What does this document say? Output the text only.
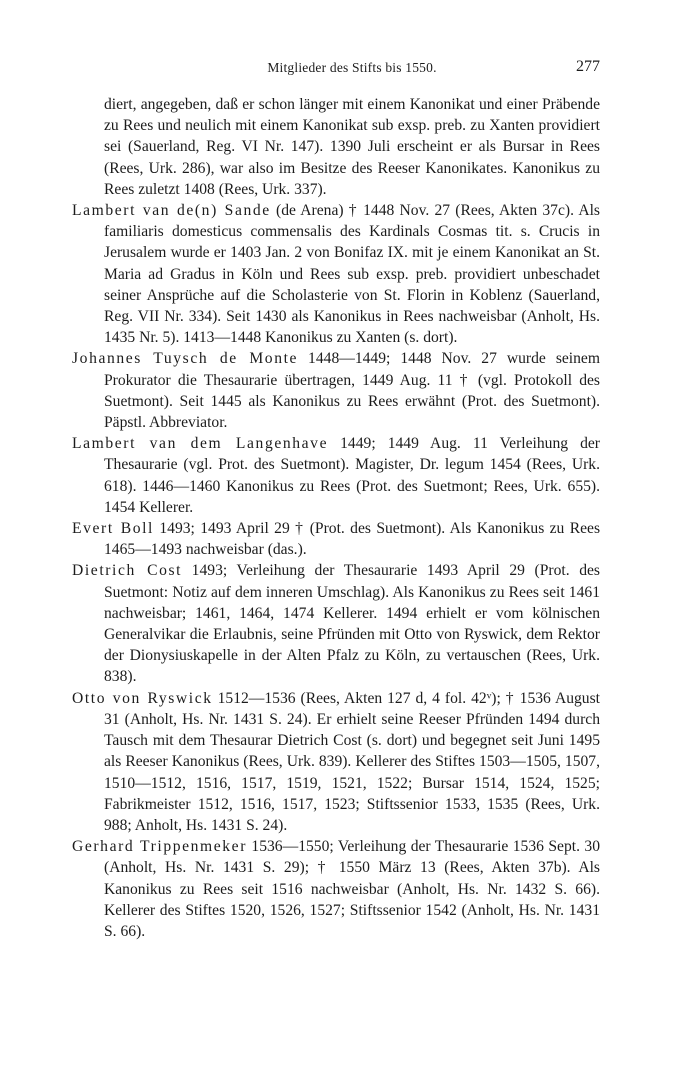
Mitglieder des Stifts bis 1550.	277

diert, angegeben, daß er schon länger mit einem Kanonikat und einer Präbende zu Rees und neulich mit einem Kanonikat sub exsp. preb. zu Xanten providiert sei (Sauerland, Reg. VI Nr. 147). 1390 Juli erscheint er als Bursar in Rees (Rees, Urk. 286), war also im Besitze des Reeser Kanonikates. Kanonikus zu Rees zuletzt 1408 (Rees, Urk. 337).

Lambert van de(n) Sande (de Arena) † 1448 Nov. 27 (Rees, Akten 37c). Als familiaris domesticus commensalis des Kardinals Cosmas tit. s. Crucis in Jerusalem wurde er 1403 Jan. 2 von Bonifaz IX. mit je einem Kanonikat an St. Maria ad Gradus in Köln und Rees sub exsp. preb. providiert unbeschadet seiner Ansprüche auf die Scholasterie von St. Florin in Koblenz (Sauerland, Reg. VII Nr. 334). Seit 1430 als Kanonikus in Rees nachweisbar (Anholt, Hs. 1435 Nr. 5). 1413—1448 Kanonikus zu Xanten (s. dort).

Johannes Tuysch de Monte 1448—1449; 1448 Nov. 27 wurde seinem Prokurator die Thesaurarie übertragen, 1449 Aug. 11 † (vgl. Protokoll des Suetmont). Seit 1445 als Kanonikus zu Rees erwähnt (Prot. des Suetmont). Päpstl. Abbreviator.

Lambert van dem Langenhave 1449; 1449 Aug. 11 Verleihung der Thesaurarie (vgl. Prot. des Suetmont). Magister, Dr. legum 1454 (Rees, Urk. 618). 1446—1460 Kanonikus zu Rees (Prot. des Suetmont; Rees, Urk. 655). 1454 Kellerer.

Evert Boll 1493; 1493 April 29 † (Prot. des Suetmont). Als Kanonikus zu Rees 1465—1493 nachweisbar (das.).

Dietrich Cost 1493; Verleihung der Thesaurarie 1493 April 29 (Prot. des Suetmont: Notiz auf dem inneren Umschlag). Als Kanonikus zu Rees seit 1461 nachweisbar; 1461, 1464, 1474 Kellerer. 1494 erhielt er vom kölnischen Generalvikar die Erlaubnis, seine Pfründen mit Otto von Ryswick, dem Rektor der Dionysiuskapelle in der Alten Pfalz zu Köln, zu vertauschen (Rees, Urk. 838).

Otto von Ryswick 1512—1536 (Rees, Akten 127 d, 4 fol. 42ᵛ); † 1536 August 31 (Anholt, Hs. Nr. 1431 S. 24). Er erhielt seine Reeser Pfründen 1494 durch Tausch mit dem Thesaurar Dietrich Cost (s. dort) und begegnet seit Juni 1495 als Reeser Kanonikus (Rees, Urk. 839). Kellerer des Stiftes 1503—1505, 1507, 1510—1512, 1516, 1517, 1519, 1521, 1522; Bursar 1514, 1524, 1525; Fabrikmeister 1512, 1516, 1517, 1523; Stiftssenior 1533, 1535 (Rees, Urk. 988; Anholt, Hs. 1431 S. 24).

Gerhard Trippenmeker 1536—1550; Verleihung der Thesaurarie 1536 Sept. 30 (Anholt, Hs. Nr. 1431 S. 29); † 1550 März 13 (Rees, Akten 37b). Als Kanonikus zu Rees seit 1516 nachweisbar (Anholt, Hs. Nr. 1432 S. 66). Kellerer des Stiftes 1520, 1526, 1527; Stiftssenior 1542 (Anholt, Hs. Nr. 1431 S. 66).
